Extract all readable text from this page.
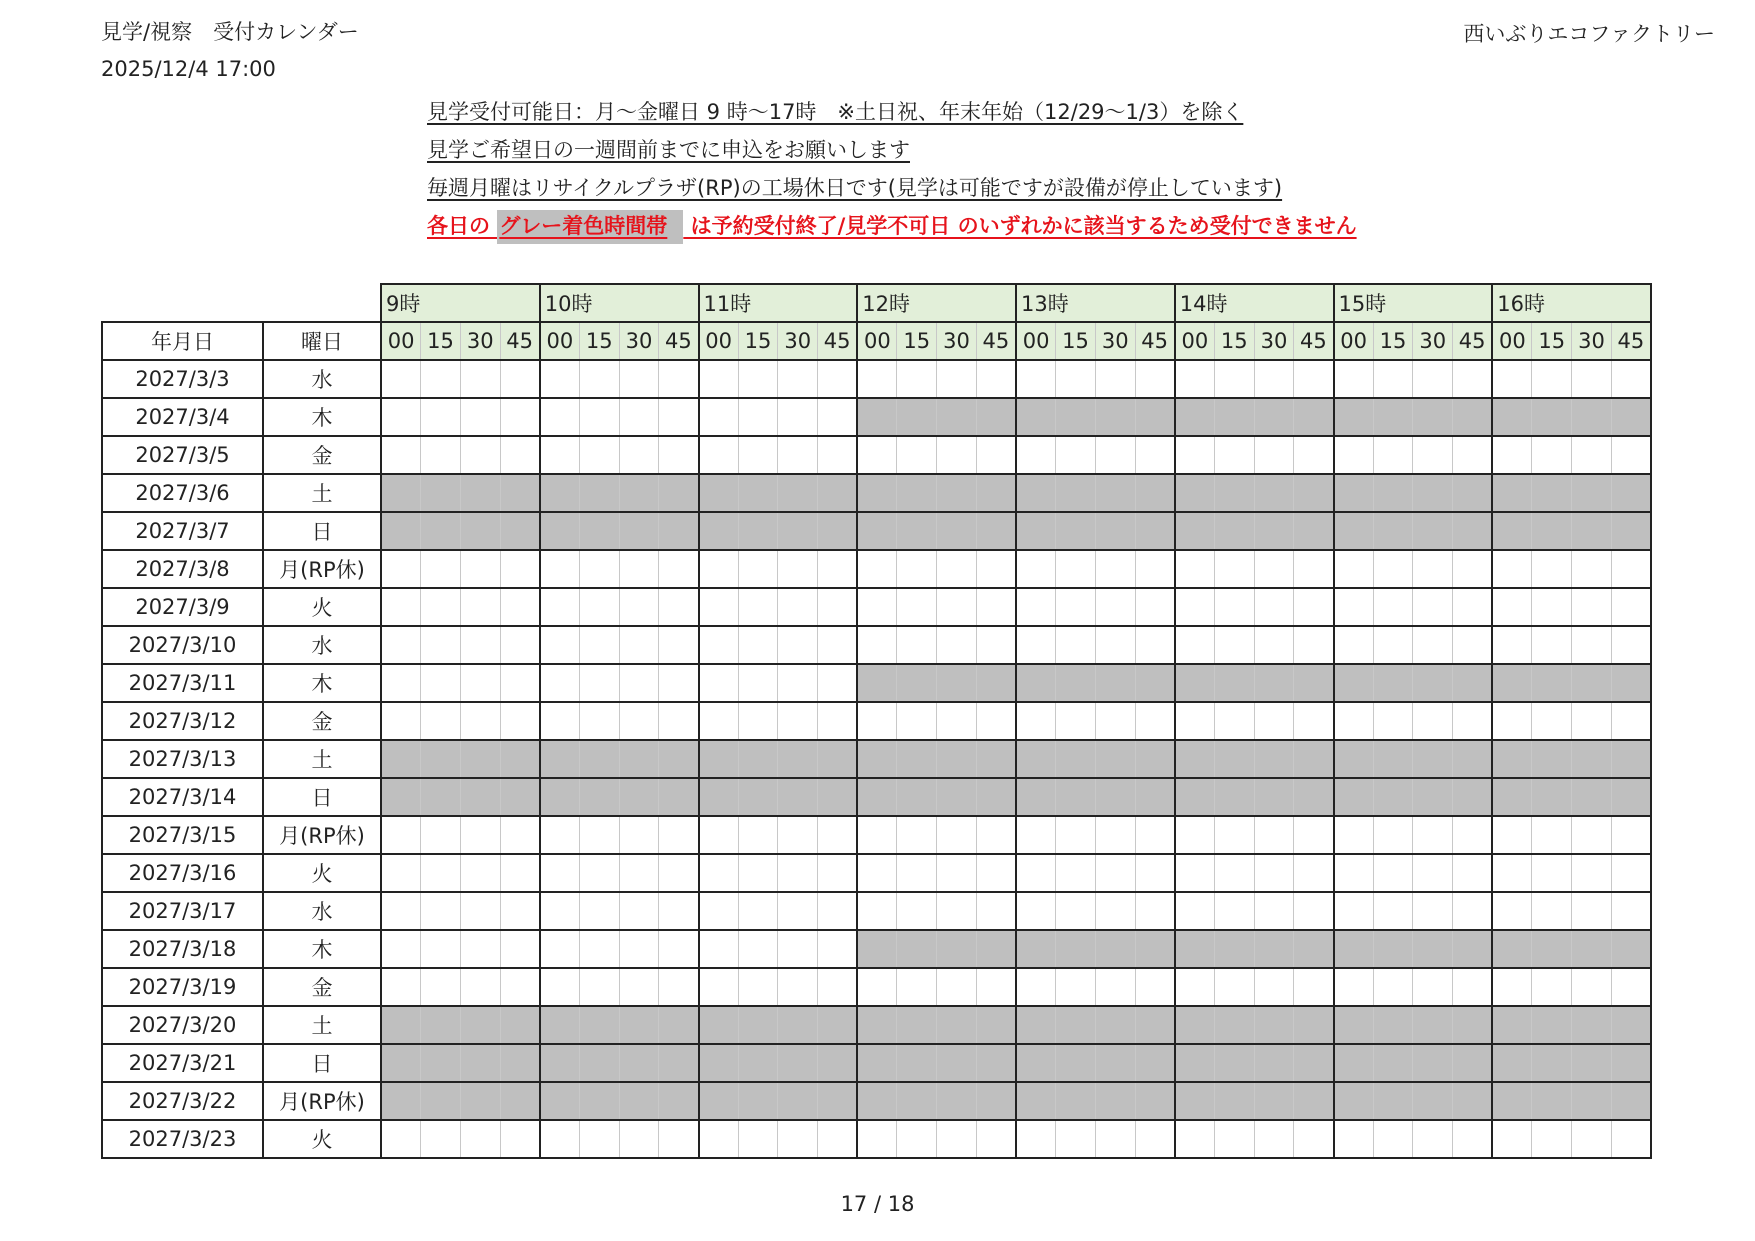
見学/視察　受付カレンダー
2025/12/4 17:00
西いぶりエコファクトリー
見学受付可能日：月～金曜日 9 時～17時　※土日祝、年末年始（12/29～1/3）を除く
見学ご希望日の一週間前までに申込をお願いします
毎週月曜はリサイクルプラザ(RP)の工場休日です(見学は可能ですが設備が停止しています)
各日の グレー着色時間帯 は予約受付終了/見学不可日 のいずれかに該当するため受付できません
		9時				10時				11時				12時				13時				14時				15時				16時			
年月日	曜日	00	15	30	45	00	15	30	45	00	15	30	45	00	15	30	45	00	15	30	45	00	15	30	45	00	15	30	45	00	15	30	45
2027/3/3	水																																
2027/3/4	木																																
2027/3/5	金																																
2027/3/6	土																																
2027/3/7	日																																
2027/3/8	月(RP休)																																
2027/3/9	火																																
2027/3/10	水																																
2027/3/11	木																																
2027/3/12	金																																
2027/3/13	土																																
2027/3/14	日																																
2027/3/15	月(RP休)																																
2027/3/16	火																																
2027/3/17	水																																
2027/3/18	木																																
2027/3/19	金																																
2027/3/20	土																																
2027/3/21	日																																
2027/3/22	月(RP休)																																
2027/3/23	火																																
17 / 18
